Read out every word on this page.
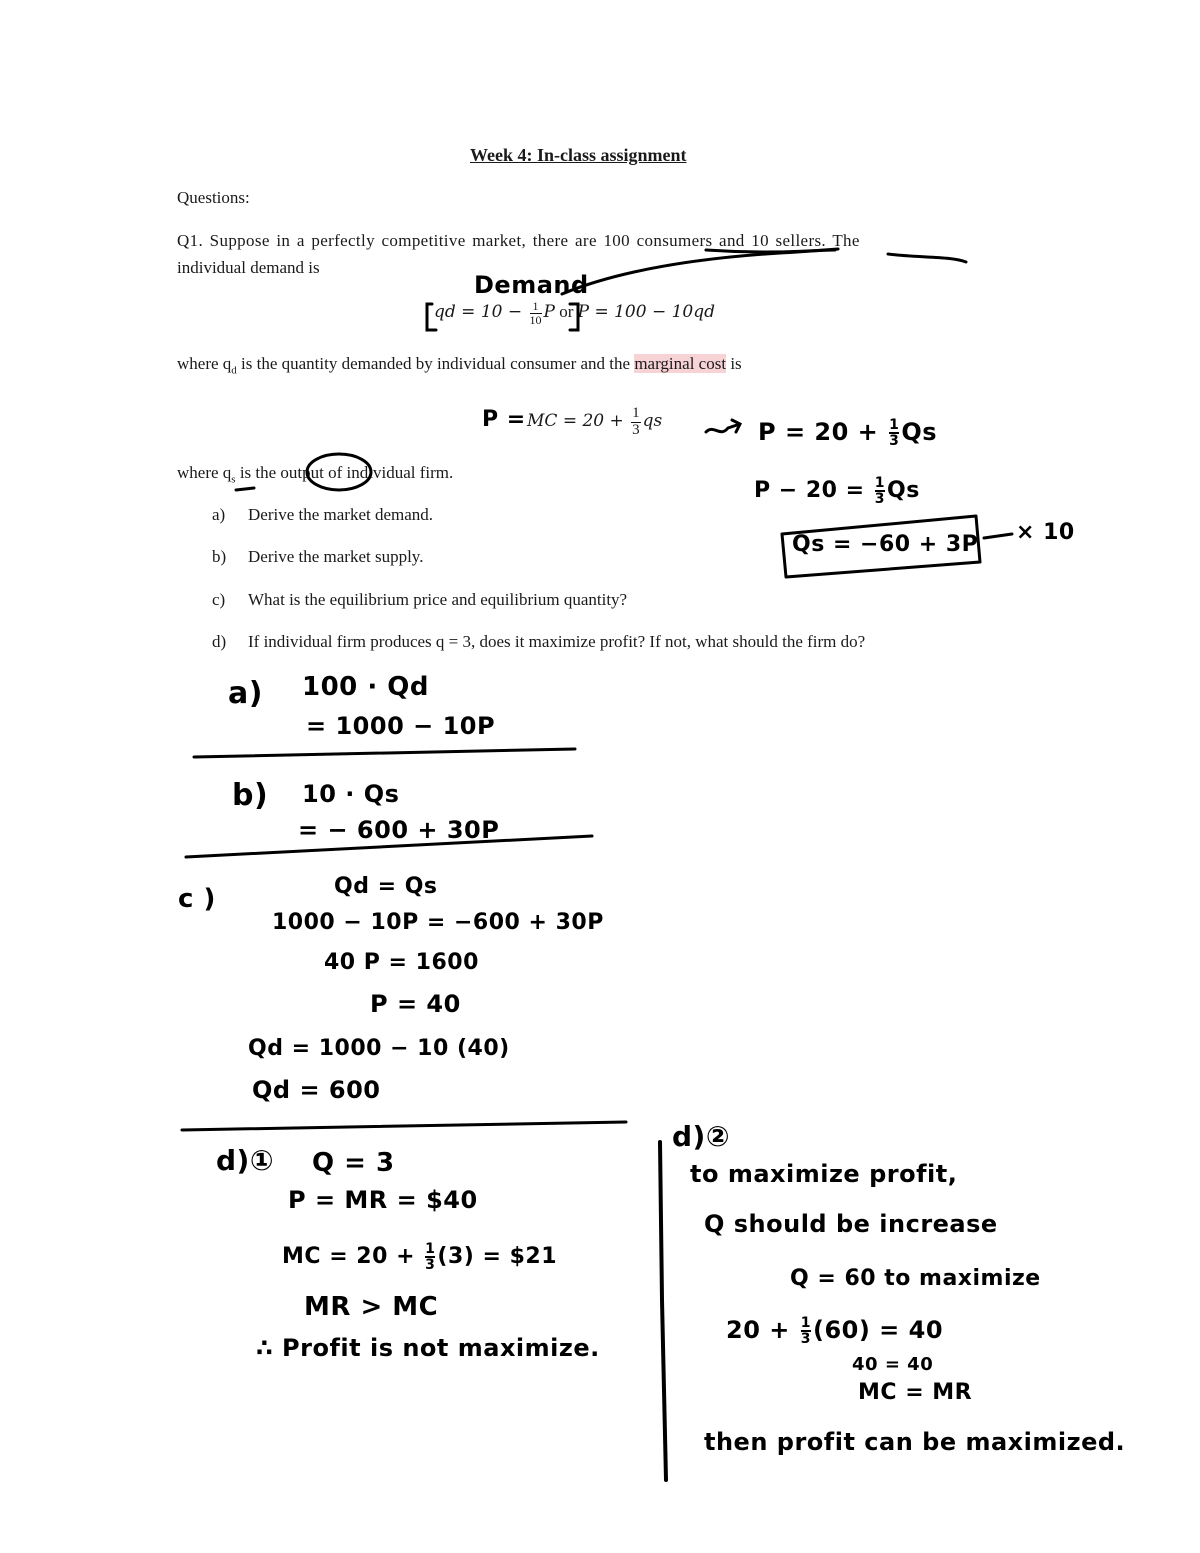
Week 4: In-class assignment
Questions:
Q1. Suppose in a perfectly competitive market, there are 100 consumers and 10 sellers. The
individual demand is
qd = $10 - \frac{1}{10}$ P or P = 100 − 10qd
where $q_d$ is the quantity demanded by individual consumer and the marginal cost is
MC = $20 + \frac{1}{3}$ qs
where $q_s$ is the output of individual firm.
a) Derive the market demand.
b) Derive the market supply.
c) What is the equilibrium price and equilibrium quantity?
d) If individual firm produces q = 3, does it maximize profit? If not, what should the firm do?
Demand
P =	$P = 20 + \frac{1}{3}$ Qs
$P - 20 = \frac{1}{3}$ Qs
Qs = −60 + 3P × 10
a) 100 · Qd
= 1000 − 10P
b) 10 · Qs
= − 600 + 30P
c )	Qd = Qs
1000 − 10P = −600 + 30P
40 P = 1600
P = 40
Qd = 1000 − 10 (40)
Qd = 600
d)① Q = 3
P = MR = $40
MC = $20 + \frac{1}{3} (3)$ = $21
MR > MC
∴ Profit is not maximize.
d)②
to maximize profit,
Q should be increase
Q = 60 to maximize
$20 + \frac{1}{3} (60) = 40$
40 = 40
MC = MR
then profit can be maximized.
